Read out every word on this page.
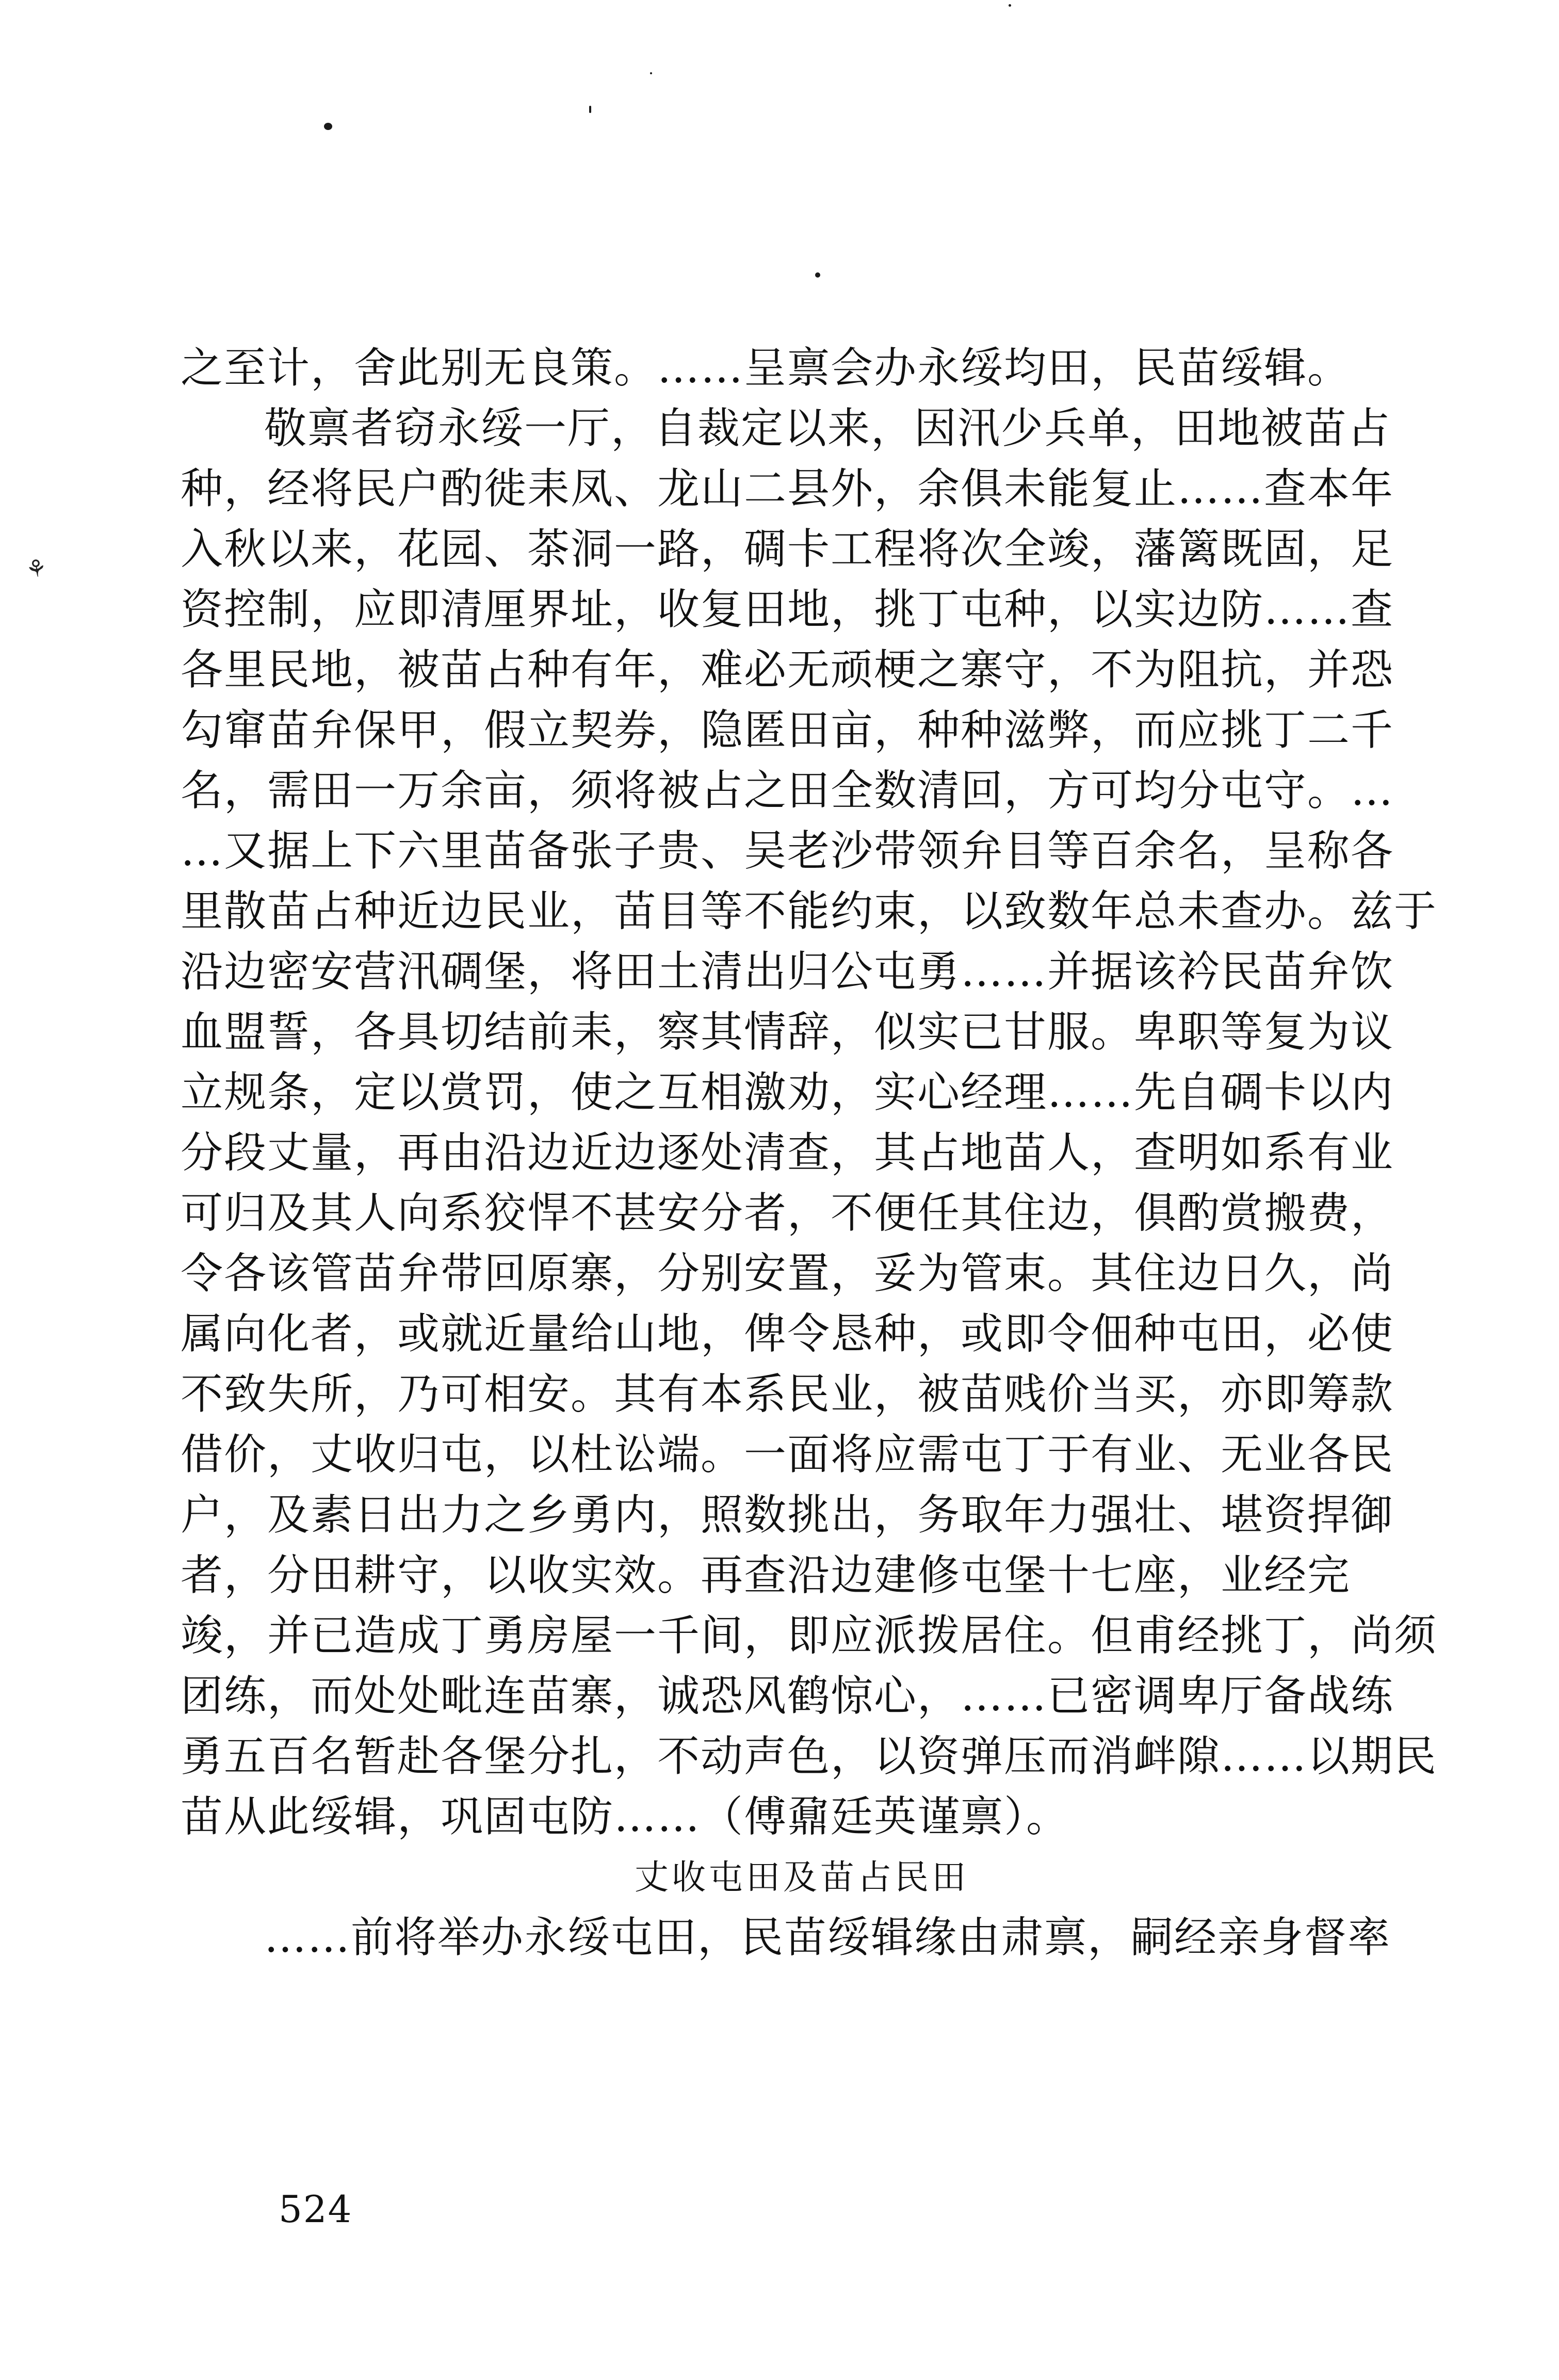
⚘
之至计，舍此别无良策。……呈禀会办永绥均田，民苗绥辑。
敬禀者窃永绥一厅，自裁定以来，因汛少兵单，田地被苗占
种，经将民户酌徙耒凤、龙山二县外，余俱未能复止……查本年
入秋以来，花园、茶洞一路，碉卡工程将次全竣，藩篱既固，足
资控制，应即清厘界址，收复田地，挑丁屯种，以实边防……查
各里民地，被苗占种有年，难必无顽梗之寨守，不为阻抗，并恐
勾窜苗弁保甲，假立契券，隐匿田亩，种种滋弊，而应挑丁二千
名，需田一万余亩，须将被占之田全数清回，方可均分屯守。…
…又据上下六里苗备张子贵、吴老沙带领弁目等百余名，呈称各
里散苗占种近边民业，苗目等不能约束，以致数年总未查办。兹于
沿边密安营汛碉堡，将田土清出归公屯勇……并据该衿民苗弁饮
血盟誓，各具切结前耒，察其情辞，似实已甘服。卑职等复为议
立规条，定以赏罚，使之互相激劝，实心经理……先自碉卡以内
分段丈量，再由沿边近边逐处清查，其占地苗人，查明如系有业
可归及其人向系狡悍不甚安分者，不便任其住边，俱酌赏搬费，
令各该管苗弁带回原寨，分别安置，妥为管束。其住边日久，尚
属向化者，或就近量给山地，俾令恳种，或即令佃种屯田，必使
不致失所，乃可相安。其有本系民业，被苗贱价当买，亦即筹款
借价，丈收归屯，以杜讼端。一面将应需屯丁于有业、无业各民
户，及素日出力之乡勇内，照数挑出，务取年力强壮、堪资捍御
者，分田耕守，以收实效。再查沿边建修屯堡十七座，业经完
竣，并已造成丁勇房屋一千间，即应派拨居住。但甫经挑丁，尚须
团练，而处处毗连苗寨，诚恐风鹤惊心，……已密调卑厅备战练
勇五百名暂赴各堡分扎，不动声色，以资弹压而消衅隙……以期民
苗从此绥辑，巩固屯防……（傅鼐廷英谨禀）。
丈收屯田及苗占民田
……前将举办永绥屯田，民苗绥辑缘由肃禀，嗣经亲身督率
524
